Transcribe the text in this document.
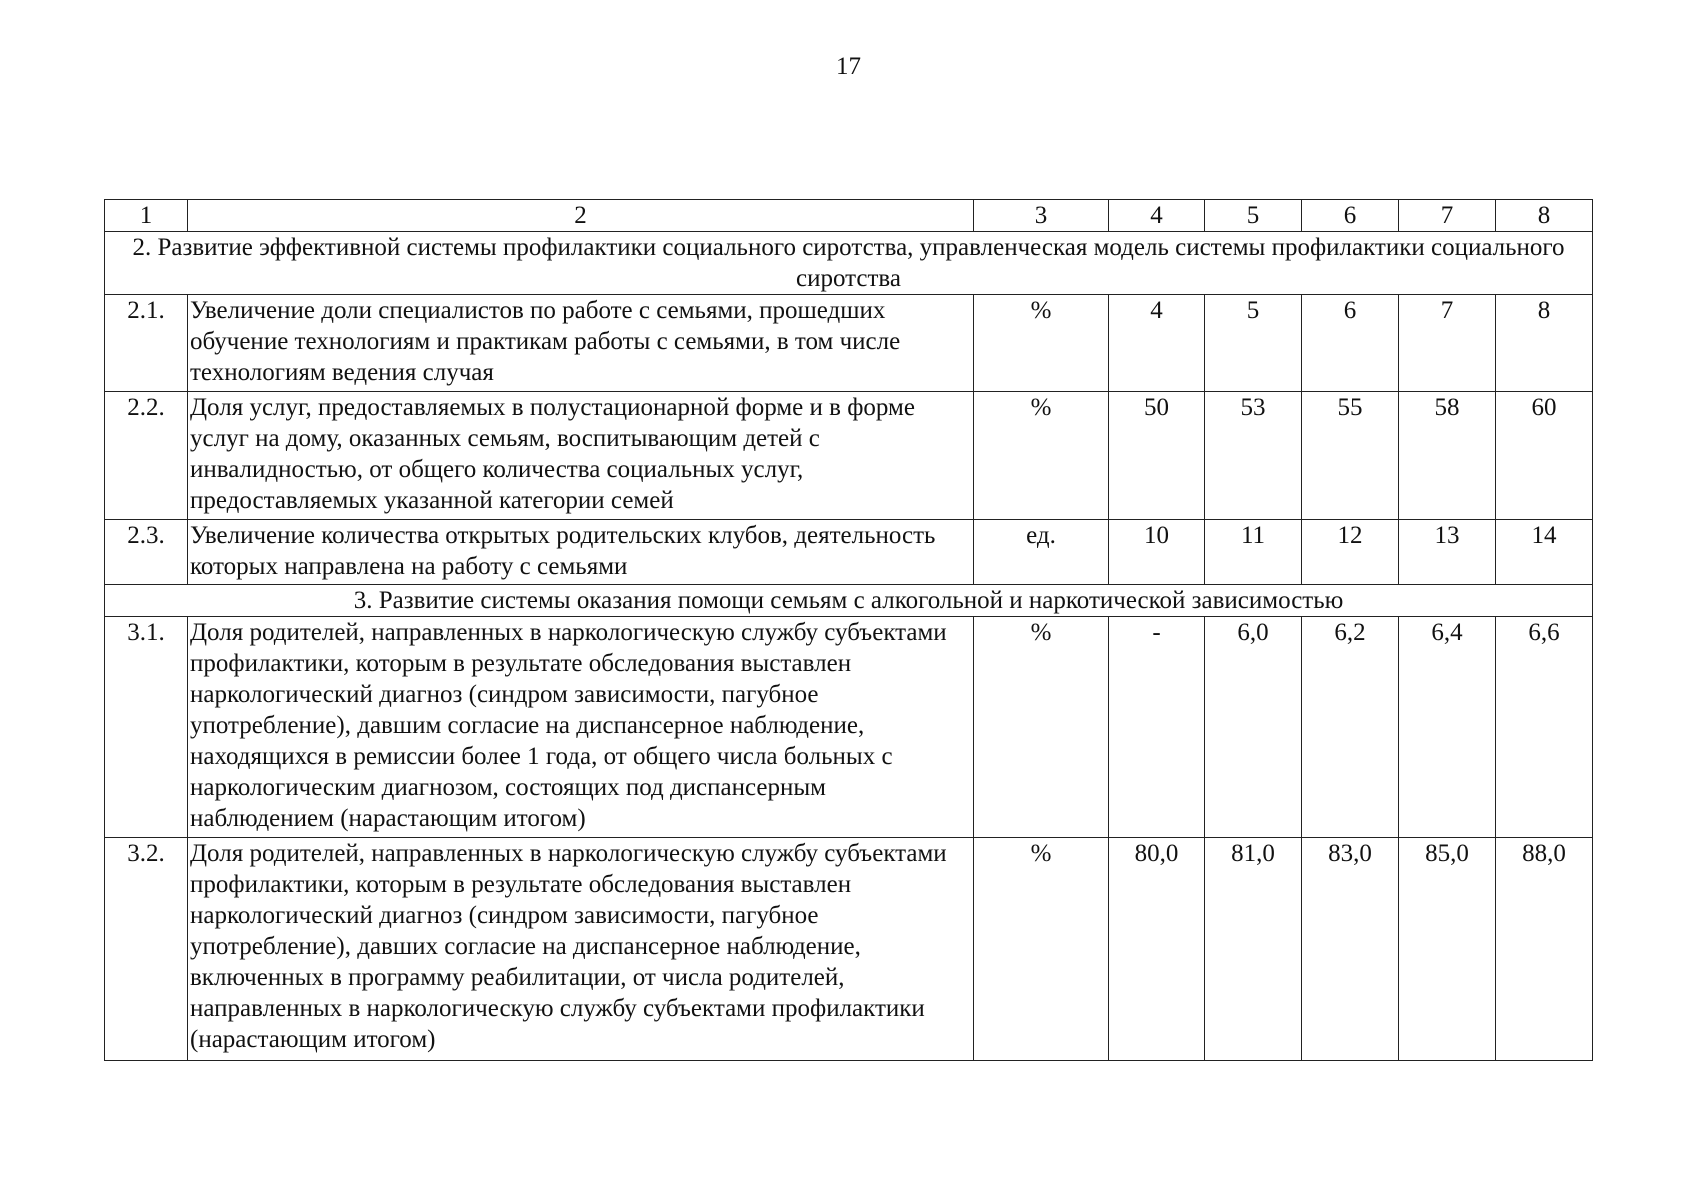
17
1	2	3	4	5	6	7	8
2. Развитие эффективной системы профилактики социального сиротства, управленческая модель системы профилактики социального сиротства							
2.1.	Увеличение доли специалистов по работе с семьями, прошедших обучение технологиям и практикам работы с семьями, в том числе технологиям ведения случая	%	4	5	6	7	8
2.2.	Доля услуг, предоставляемых в полустационарной форме и в форме услуг на дому, оказанных семьям, воспитывающим детей с инвалидностью, от общего количества социальных услуг, предоставляемых указанной категории семей	%	50	53	55	58	60
2.3.	Увеличение количества открытых родительских клубов, деятельность которых направлена на работу с семьями	ед.	10	11	12	13	14
3. Развитие системы оказания помощи семьям с алкогольной и наркотической зависимостью							
3.1.	Доля родителей, направленных в наркологическую службу субъектами профилактики, которым в результате обследования выставлен наркологический диагноз (синдром зависимости, пагубное употребление), давшим согласие на диспансерное наблюдение, находящихся в ремиссии более 1 года, от общего числа больных с наркологическим диагнозом, состоящих под диспансерным наблюдением (нарастающим итогом)	%	-	6,0	6,2	6,4	6,6
3.2.	Доля родителей, направленных в наркологическую службу субъектами профилактики, которым в результате обследования выставлен наркологический диагноз (синдром зависимости, пагубное употребление), давших согласие на диспансерное наблюдение, включенных в программу реабилитации, от числа родителей, направленных в наркологическую службу субъектами профилактики (нарастающим итогом)	%	80,0	81,0	83,0	85,0	88,0
